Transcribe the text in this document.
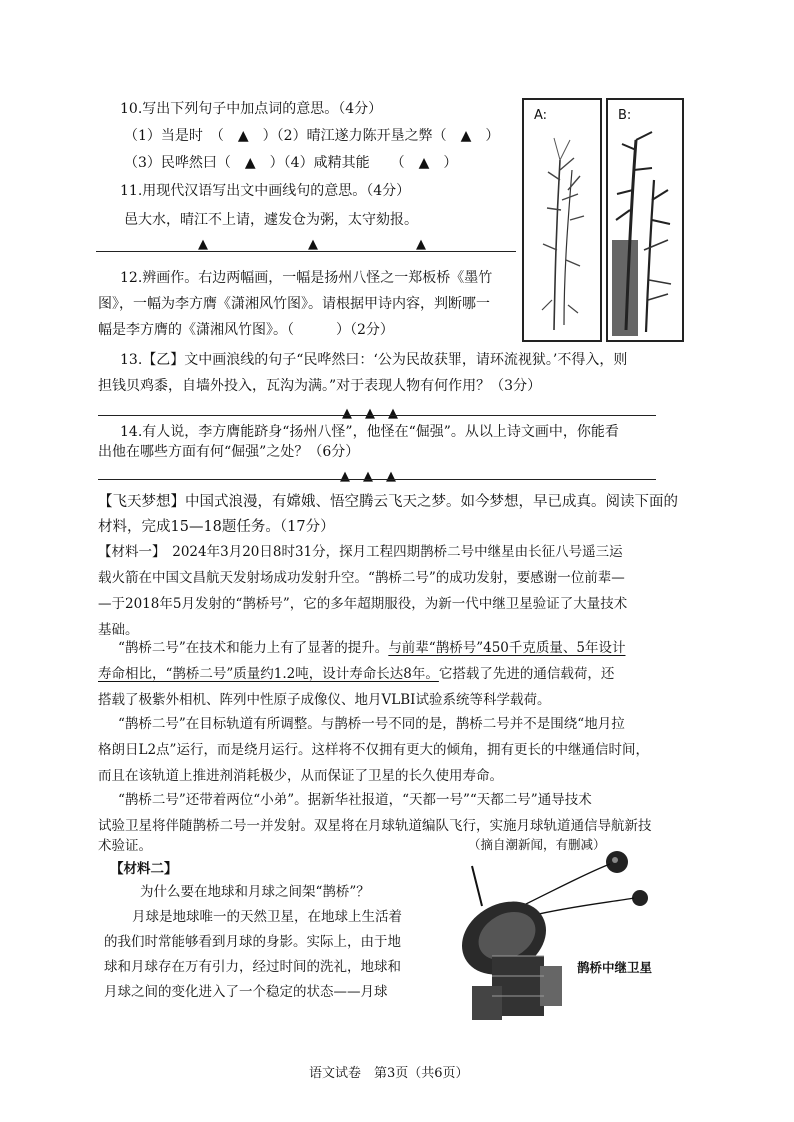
10.写出下列句子中加点词的意思。（4分）
（1）当是时　（　▲　）（2）晴江遂力陈开垦之弊（　▲　）
（3）民哗然曰（　▲　）（4）咸精其能　　（　▲　）
11.用现代汉语写出文中画线句的意思。（4分）
邑大水，晴江不上请，遽发仓为粥，太守劾报。
▲	▲	▲
12.辨画作。右边两幅画，一幅是扬州八怪之一郑板桥《墨竹
图》，一幅为李方膺《潇湘风竹图》。请根据甲诗内容，判断哪一
幅是李方膺的《潇湘风竹图》。（　　　）（2分）
A:	B:
13.【乙】文中画浪线的句子“民哗然曰：‘公为民故获罪，请环流视狱。’不得入，则
担钱贝鸡黍，自墙外投入，瓦沟为满。”对于表现人物有何作用？（3分）
▲　▲　▲
14.有人说，李方膺能跻身“扬州八怪”，他怪在“倔强”。从以上诗文画中，你能看
出他在哪些方面有何“倔强”之处？（6分）
▲　▲　▲
【飞天梦想】中国式浪漫，有嫦娥、悟空腾云飞天之梦。如今梦想，早已成真。阅读下面的
材料，完成15—18题任务。（17分）
【材料一】　2024年3月20日8时31分，探月工程四期鹊桥二号中继星由长征八号遥三运
载火箭在中国文昌航天发射场成功发射升空。“鹊桥二号”的成功发射，要感谢一位前辈—
—于2018年5月发射的“鹊桥号”，它的多年超期服役，为新一代中继卫星验证了大量技术
基础。
“鹊桥二号”在技术和能力上有了显著的提升。与前辈“鹊桥号”450千克质量、5年设计
寿命相比，“鹊桥二号”质量约1.2吨，设计寿命长达8年。它搭载了先进的通信载荷，还
搭载了极紫外相机、阵列中性原子成像仪、地月VLBI试验系统等科学载荷。
“鹊桥二号”在目标轨道有所调整。与鹊桥一号不同的是，鹊桥二号并不是围绕“地月拉
格朗日L2点”运行，而是绕月运行。这样将不仅拥有更大的倾角，拥有更长的中继通信时间，
而且在该轨道上推进剂消耗极少，从而保证了卫星的长久使用寿命。
“鹊桥二号”还带着两位“小弟”。据新华社报道，“天都一号”“天都二号”通导技术
试验卫星将伴随鹊桥二号一并发射。双星将在月球轨道编队飞行，实施月球轨道通信导航新技
术验证。	（摘自潮新闻，有删减）
【材料二】
为什么要在地球和月球之间架“鹊桥”？
月球是地球唯一的天然卫星，在地球上生活着
的我们时常能够看到月球的身影。实际上，由于地
球和月球存在万有引力，经过时间的洗礼，地球和
月球之间的变化进入了一个稳定的状态——月球
鹊桥中继卫星
语文试卷　第3页（共6页）
